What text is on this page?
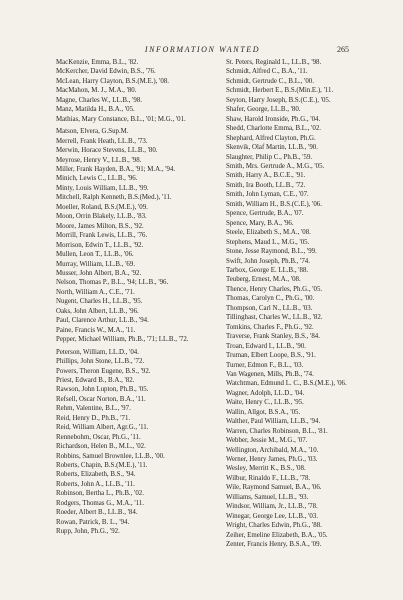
INFORMATION WANTED	265
MacKenzie, Emma, B.L., '82.
McKercher, David Edwin, B.S., '76.
McLean, Harry Clayton, B.S.(M.E.), '08.
MacMahon, M. J., M.A., '80.
Magne, Charles W., LL.B., '98.
Manz, Matilda H., B.A., '05.
Mathias, Mary Constance, B.L., '01; M.G., '01.
Matson, Elvera, G.Sup.M.
Merrell, Frank Heath, LL.B., '73.
Merwin, Horace Stevens, LL.B., '80.
Meyrose, Henry V., LL.B., '98.
Miller, Frank Hayden, B.A., '91; M.A., '94.
Minich, Lewis C., LL.B., '96.
Minty, Louis William, LL.B., '99.
Mitchell, Ralph Kenneth, B.S.(Med.), '11.
Moeller, Roland, B.S.(M.E.), '09.
Moon, Orrin Blakely, LL.B., '83.
Moore, James Milton, B.S., '92.
Morrill, Frank Lewis, LL.B., '76.
Morrison, Edwin T., LL.B., '92.
Mullen, Leon T., LL.B., '06.
Murray, William, LL.B., '69.
Musser, John Albert, B.A., '92.
Nelson, Thomas P., B.L., '94; LL.B., '96.
North, William A., C.E., '71.
Nugent, Charles H., LL.B., '95.
Oaks, John Albert, LL.B., '96.
Paul, Clarence Arthur, LL.B., '94.
Paine, Francis W., M.A., '11.
Pepper, Michael William, Ph.B., '71; LL.B., '72.
Peterson, William, LL.D., '04.
Phillips, John Stone, LL.B., '72.
Powers, Theron Eugene, B.S., '92.
Priest, Edward B., B.A., '82.
Rawson, John Lupton, Ph.B., '05.
Refsell, Oscar Norton, B.A., '11.
Rehm, Valentine, B.L., '97.
Reid, Henry D., Ph.B., '71.
Reid, William Albert, Agr.G., '11.
Rennebohm, Oscar, Ph.G., '11.
Richardson, Helen B., M.L., '02.
Robbins, Samuel Brownlee, LL.B., '00.
Roberts, Chapin, B.S.(M.E.), '11.
Roberts, Elizabeth, B.S., '94.
Roberts, John A., LL.B., '11.
Robinson, Bertha L., Ph.B., '02.
Rodgers, Thomas G., M.A., '11.
Roeder, Albert B., LL.B., '84.
Rowan, Patrick, B. L., '94.
Rupp, John, Ph.G., '92.
St. Peters, Reginald L., LL.B., '98.
Schmidt, Alfred C., B.A., '11.
Schmidt, Gertrude C., B.L., '00.
Schmidt, Herbert E., B.S.(Min.E.), '11.
Seyton, Harry Joseph, B.S.(C.E.), '05.
Shafer, George, LL.B., '80.
Shaw, Harold Ironside, Ph.G., '04.
Shedd, Charlotte Emma, B.L., '02.
Shephard, Alfred Clayton, Ph.G.
Skenvik, Olaf Martin, LL.B., '90.
Slaughter, Philip C., Ph.B., '59.
Smith, Mrs. Gertrude A., M.G., '05.
Smith, Harry A., B.C.E., '91.
Smith, Ira Booth, LL.B., '72.
Smith, John Lyman, C.E., '07.
Smith, William H., B.S.(C.E.), '06.
Spence, Gertrude, B.A., '07.
Spence, Mary, B.A., '96.
Steele, Elizabeth S., M.A., '08.
Stephens, Maud L., M.G., '05.
Stone, Jesse Raymond, B.L., '99.
Swift, John Joseph, Ph.B., '74.
Tarbox, George E. LL.B., '88.
Teuberg, Ernest, M.A., '08.
Thence, Henry Charles, Ph.G., '05.
Thomas, Carolyn C., Ph.G., '00.
Thompson, Carl N., LL.B., '03.
Tillinghast, Charles W., LL.B., '82.
Tomkins, Charles F., Ph.G., '92.
Traverse, Frank Stanley, B.S., '84.
Troan, Edward I., LL.B., '90.
Truman, Elbert Loope, B.S., '91.
Turner, Edmon F., B.L., '03.
Van Wagenen, Mills, Ph.B., '74.
Watchtman, Edmund L. C., B.S.(M.E.), '06.
Wagner, Adolph, LL.D., '04.
Waite, Henry C., LL.B., '95.
Wallin, Allgot, B.S.A., '05.
Walther, Paul William, LL.B., '94.
Warren, Charles Robinson, B.L., '81.
Webber, Jessie M., M.G., '07.
Wellington, Archibald, M.A., '10.
Werner, Henry James, Ph.G., '03.
Wesley, Merritt K., B.S., '08.
Wilbur, Rinaldo F., LL.B., '78.
Wile, Raymond Samuel, B.A., '06.
Williams, Samuel, LL.B., '93.
Windsor, William, Jr., LL.B., '78.
Winegar, George Lee, LL.B., '03.
Wright, Charles Edwin, Ph.G., '88.
Zeiher, Emeline Elizabeth, B.A., '05.
Zenter, Francis Henry, B.S.A., '09.
